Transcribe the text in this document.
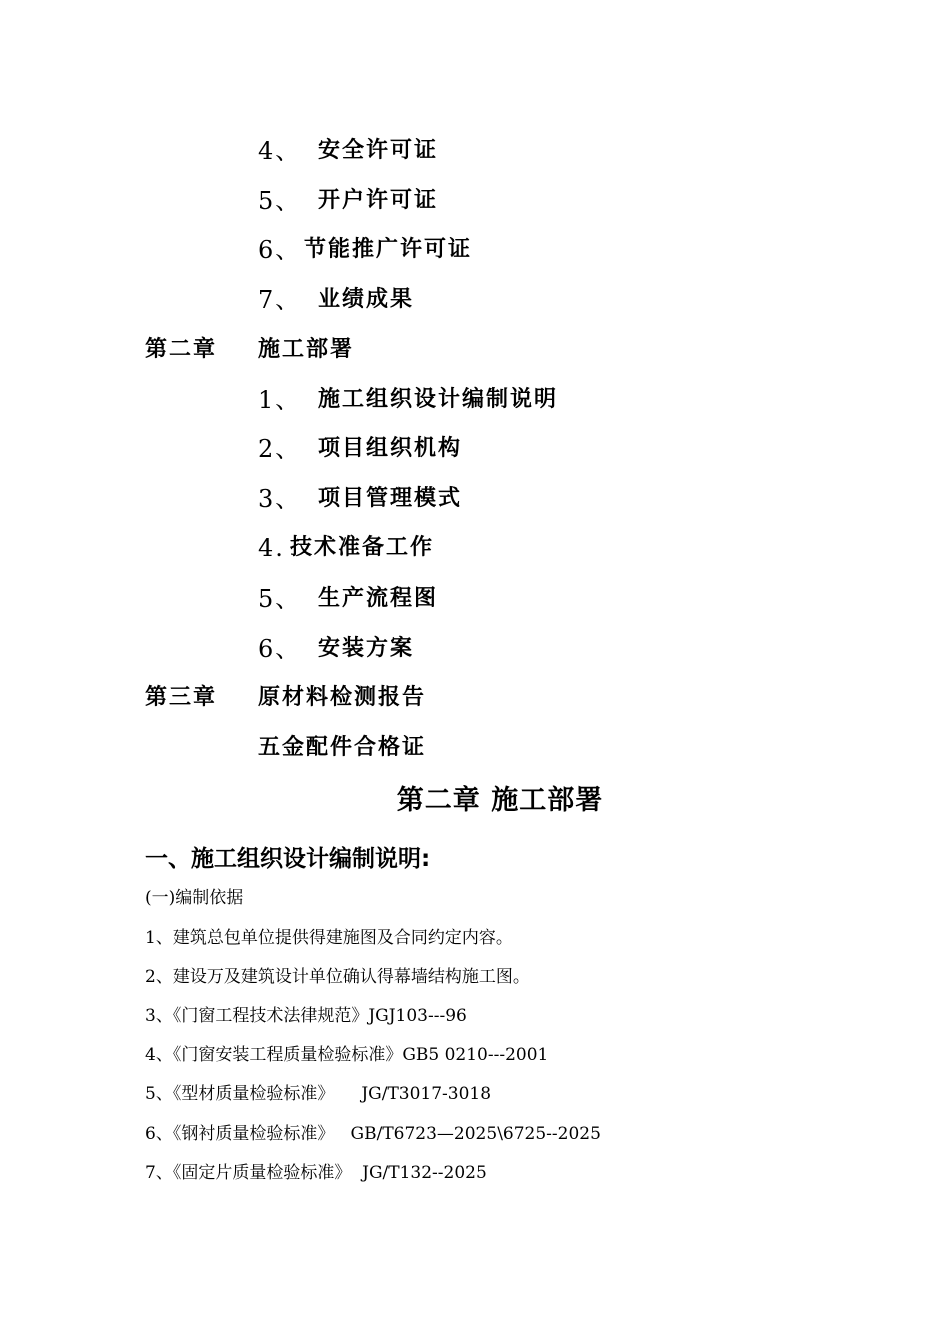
4、 安全许可证
5、 开户许可证
6、 节能推广许可证
7、 业绩成果
第二章 施工部署
1、 施工组织设计编制说明
2、 项目组织机构
3、 项目管理模式
4. 技术准备工作
5、 生产流程图
6、 安装方案
第三章 原材料检测报告
五金配件合格证
第二章 施工部署
一、施工组织设计编制说明:
(一)编制依据
1、建筑总包单位提供得建施图及合同约定内容。
2、建设万及建筑设计单位确认得幕墙结构施工图。
3、《门窗工程技术法律规范》JGJ103---96
4、《门窗安装工程质量检验标准》GB5 0210---2001
5、《型材质量检验标准》     JG/T3017-3018
6、《钢衬质量检验标准》   GB/T6723—2025\6725--2025
7、《固定片质量检验标准》  JG/T132--2025
